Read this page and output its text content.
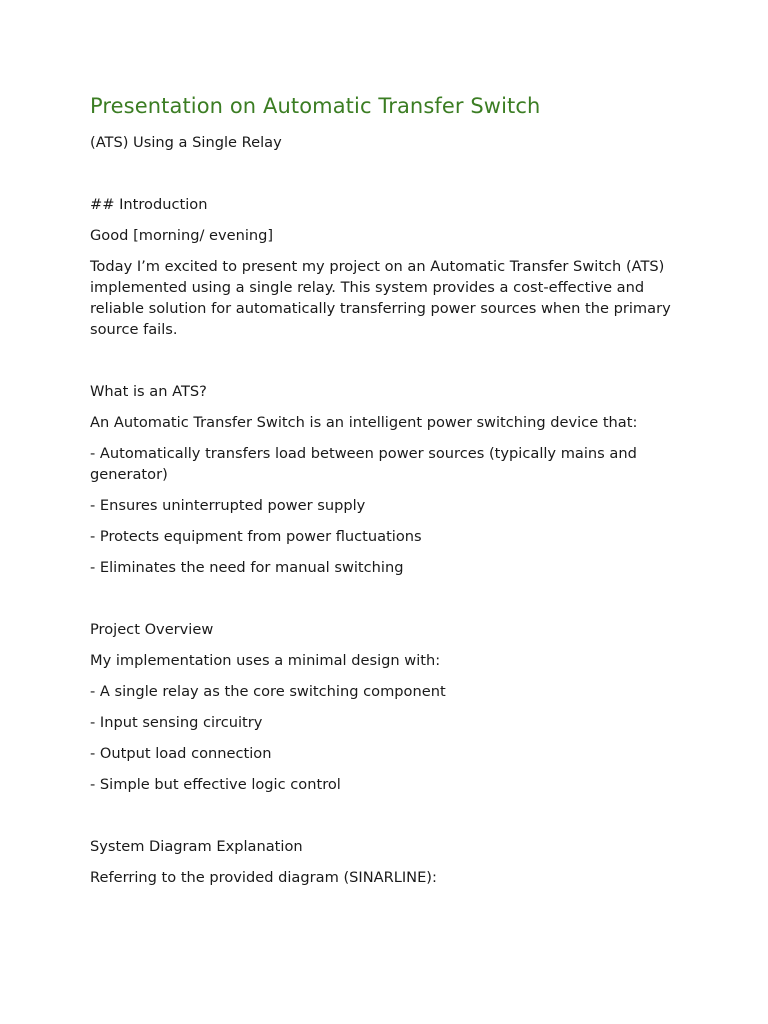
Presentation on Automatic Transfer Switch

(ATS) Using a Single Relay

## Introduction

Good [morning/ evening]

Today I’m excited to present my project on an Automatic Transfer Switch (ATS) implemented using a single relay. This system provides a cost-effective and reliable solution for automatically transferring power sources when the primary source fails.

What is an ATS?

An Automatic Transfer Switch is an intelligent power switching device that:

- Automatically transfers load between power sources (typically mains and generator)

- Ensures uninterrupted power supply

- Protects equipment from power fluctuations

- Eliminates the need for manual switching

Project Overview

My implementation uses a minimal design with:

- A single relay as the core switching component

- Input sensing circuitry

- Output load connection

- Simple but effective logic control

System Diagram Explanation

Referring to the provided diagram (SINARLINE):
